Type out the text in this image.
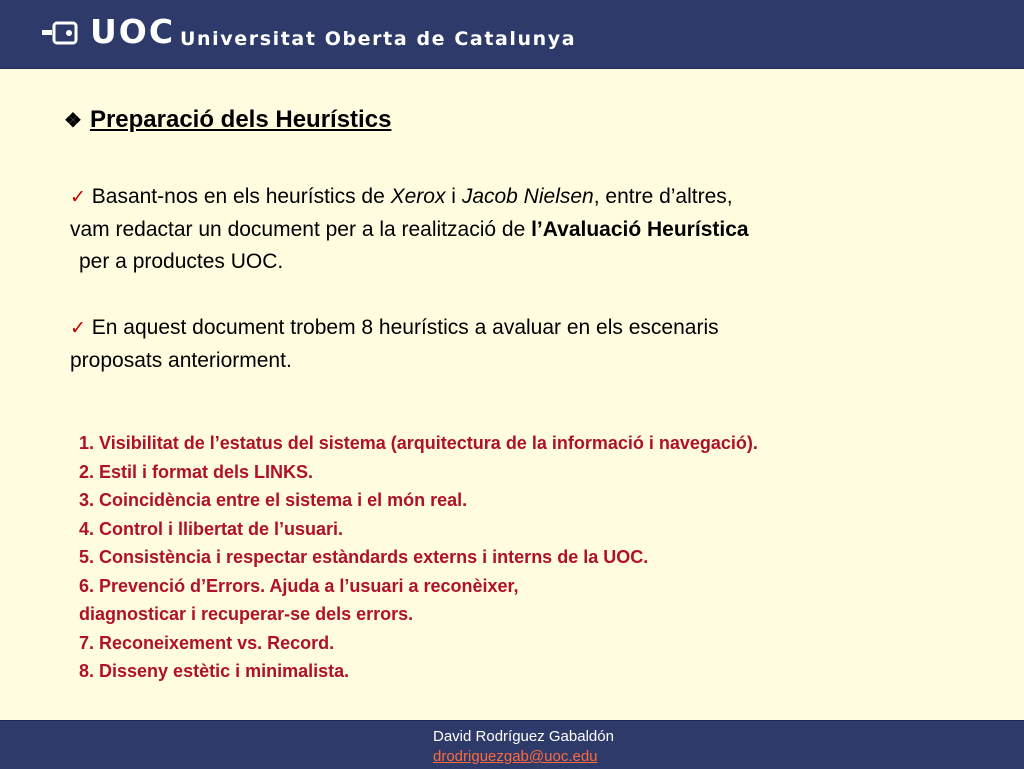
UOC Universitat Oberta de Catalunya
❖ Preparació dels Heurístics
✓ Basant-nos en els heurístics de Xerox i Jacob Nielsen, entre d’altres,
vam redactar un document per a la realització de l’Avaluació Heurística
per a productes UOC.
✓ En aquest document trobem 8 heurístics a avaluar en els escenaris
proposats anteriorment.
1. Visibilitat de l’estatus del sistema (arquitectura de la informació i navegació).
2. Estil i format dels LINKS.
3. Coincidència entre el sistema i el món real.
4. Control i llibertat de l’usuari.
5. Consistència i respectar estàndards externs i interns de la UOC.
6. Prevenció d’Errors. Ajuda a l’usuari a reconèixer,
diagnosticar i recuperar-se dels errors.
7. Reconeixement vs. Record.
8. Disseny estètic i minimalista.
David Rodríguez Gabaldón
drodriguezgab@uoc.edu
